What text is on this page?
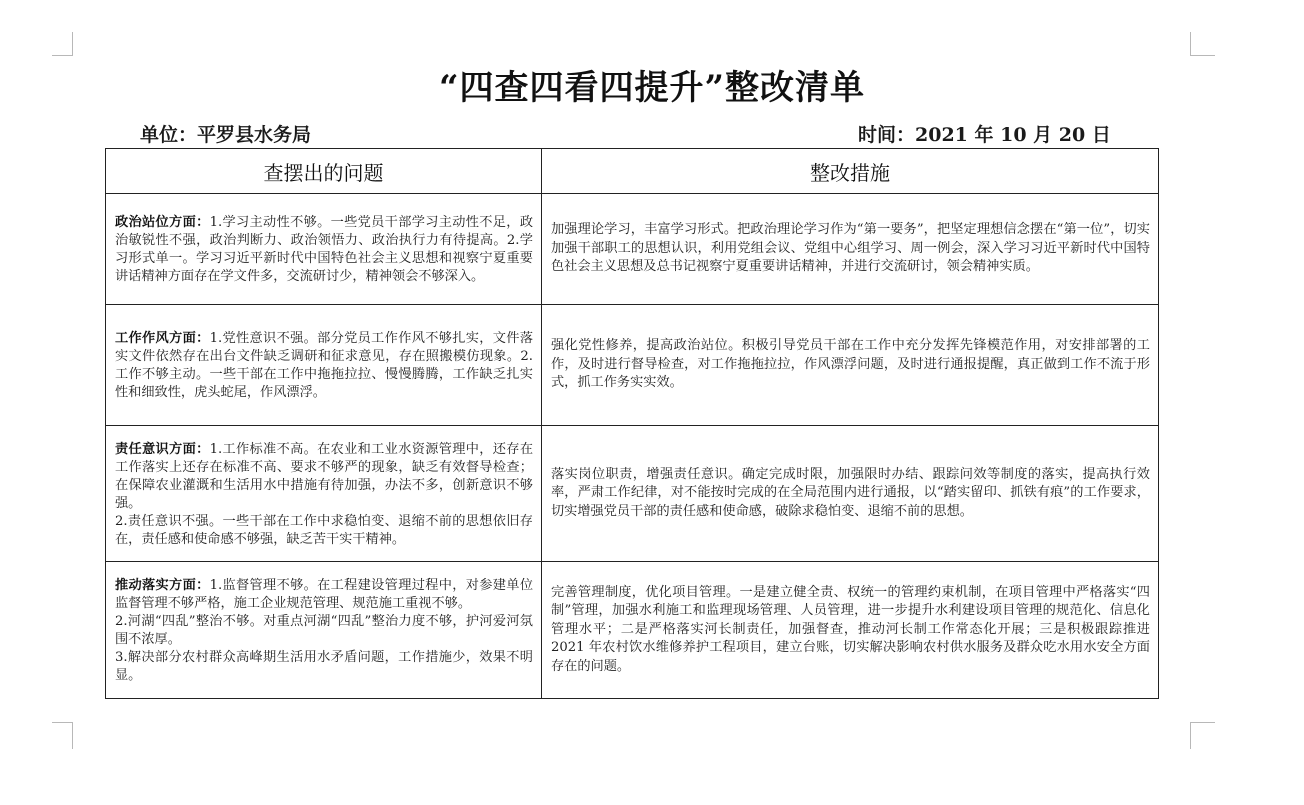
“四查四看四提升”整改清单
单位：平罗县水务局	时间：2021 年 10 月 20 日
查摆出的问题	整改措施
政治站位方面：1.学习主动性不够。一些党员干部学习主动性不足，政治敏锐性不强，政治判断力、政治领悟力、政治执行力有待提高。2.学习形式单一。学习习近平新时代中国特色社会主义思想和视察宁夏重要讲话精神方面存在学文件多，交流研讨少，精神领会不够深入。	加强理论学习，丰富学习形式。把政治理论学习作为“第一要务”，把坚定理想信念摆在“第一位”，切实加强干部职工的思想认识，利用党组会议、党组中心组学习、周一例会，深入学习习近平新时代中国特色社会主义思想及总书记视察宁夏重要讲话精神，并进行交流研讨，领会精神实质。
工作作风方面：1.党性意识不强。部分党员工作作风不够扎实，文件落实文件依然存在出台文件缺乏调研和征求意见，存在照搬模仿现象。2.工作不够主动。一些干部在工作中拖拖拉拉、慢慢腾腾，工作缺乏扎实性和细致性，虎头蛇尾，作风漂浮。	强化党性修养，提高政治站位。积极引导党员干部在工作中充分发挥先锋模范作用，对安排部署的工作，及时进行督导检查，对工作拖拖拉拉，作风漂浮问题，及时进行通报提醒，真正做到工作不流于形式，抓工作务实实效。
责任意识方面：1.工作标准不高。在农业和工业水资源管理中，还存在工作落实上还存在标准不高、要求不够严的现象，缺乏有效督导检查；在保障农业灌溉和生活用水中措施有待加强，办法不多，创新意识不够强。
2.责任意识不强。一些干部在工作中求稳怕变、退缩不前的思想依旧存在，责任感和使命感不够强，缺乏苦干实干精神。	落实岗位职责，增强责任意识。确定完成时限，加强限时办结、跟踪问效等制度的落实，提高执行效率，严肃工作纪律，对不能按时完成的在全局范围内进行通报，以“踏实留印、抓铁有痕”的工作要求，切实增强党员干部的责任感和使命感，破除求稳怕变、退缩不前的思想。
推动落实方面：1.监督管理不够。在工程建设管理过程中，对参建单位监督管理不够严格，施工企业规范管理、规范施工重视不够。
2.河湖“四乱”整治不够。对重点河湖“四乱”整治力度不够，护河爱河氛围不浓厚。
3.解决部分农村群众高峰期生活用水矛盾问题，工作措施少，效果不明显。	完善管理制度，优化项目管理。一是建立健全责、权统一的管理约束机制，在项目管理中严格落实“四制”管理，加强水利施工和监理现场管理、人员管理，进一步提升水利建设项目管理的规范化、信息化管理水平；二是严格落实河长制责任，加强督查，推动河长制工作常态化开展；三是积极跟踪推进 2021 年农村饮水维修养护工程项目，建立台账，切实解决影响农村供水服务及群众吃水用水安全方面存在的问题。
